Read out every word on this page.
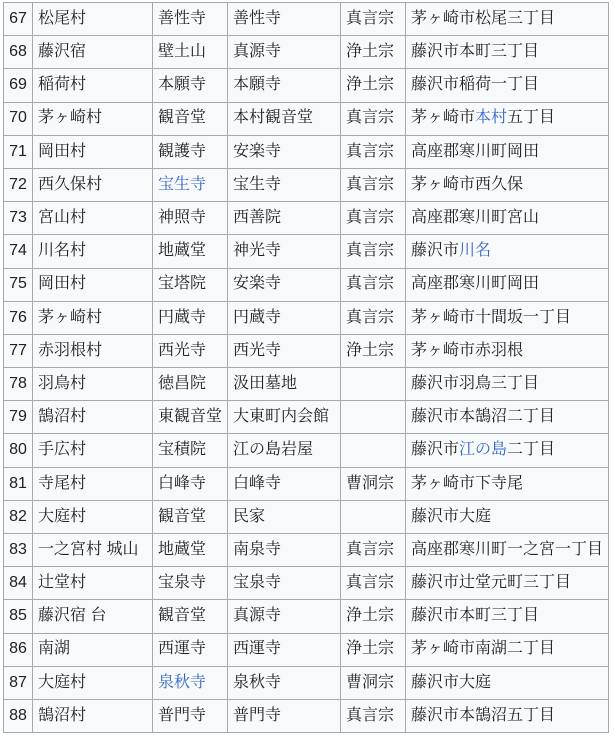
67	松尾村	善性寺	善性寺	真言宗	茅ヶ崎市松尾三丁目
68	藤沢宿	壁土山	真源寺	浄土宗	藤沢市本町三丁目
69	稲荷村	本願寺	本願寺	浄土宗	藤沢市稲荷一丁目
70	茅ヶ崎村	観音堂	本村観音堂	真言宗	茅ヶ崎市本村五丁目
71	岡田村	観護寺	安楽寺	真言宗	高座郡寒川町岡田
72	西久保村	宝生寺	宝生寺	真言宗	茅ヶ崎市西久保
73	宮山村	神照寺	西善院	真言宗	高座郡寒川町宮山
74	川名村	地蔵堂	神光寺	真言宗	藤沢市川名
75	岡田村	宝塔院	安楽寺	真言宗	高座郡寒川町岡田
76	茅ヶ崎村	円蔵寺	円蔵寺	真言宗	茅ヶ崎市十間坂一丁目
77	赤羽根村	西光寺	西光寺	浄土宗	茅ヶ崎市赤羽根
78	羽鳥村	徳昌院	汲田墓地		藤沢市羽鳥三丁目
79	鵠沼村	東観音堂	大東町内会館		藤沢市本鵠沼二丁目
80	手広村	宝積院	江の島岩屋		藤沢市江の島二丁目
81	寺尾村	白峰寺	白峰寺	曹洞宗	茅ヶ崎市下寺尾
82	大庭村	観音堂	民家		藤沢市大庭
83	一之宮村 城山	地蔵堂	南泉寺	真言宗	高座郡寒川町一之宮一丁目
84	辻堂村	宝泉寺	宝泉寺	真言宗	藤沢市辻堂元町三丁目
85	藤沢宿 台	観音堂	真源寺	浄土宗	藤沢市本町三丁目
86	南湖	西運寺	西運寺	浄土宗	茅ヶ崎市南湖二丁目
87	大庭村	泉秋寺	泉秋寺	曹洞宗	藤沢市大庭
88	鵠沼村	普門寺	普門寺	真言宗	藤沢市本鵠沼五丁目
